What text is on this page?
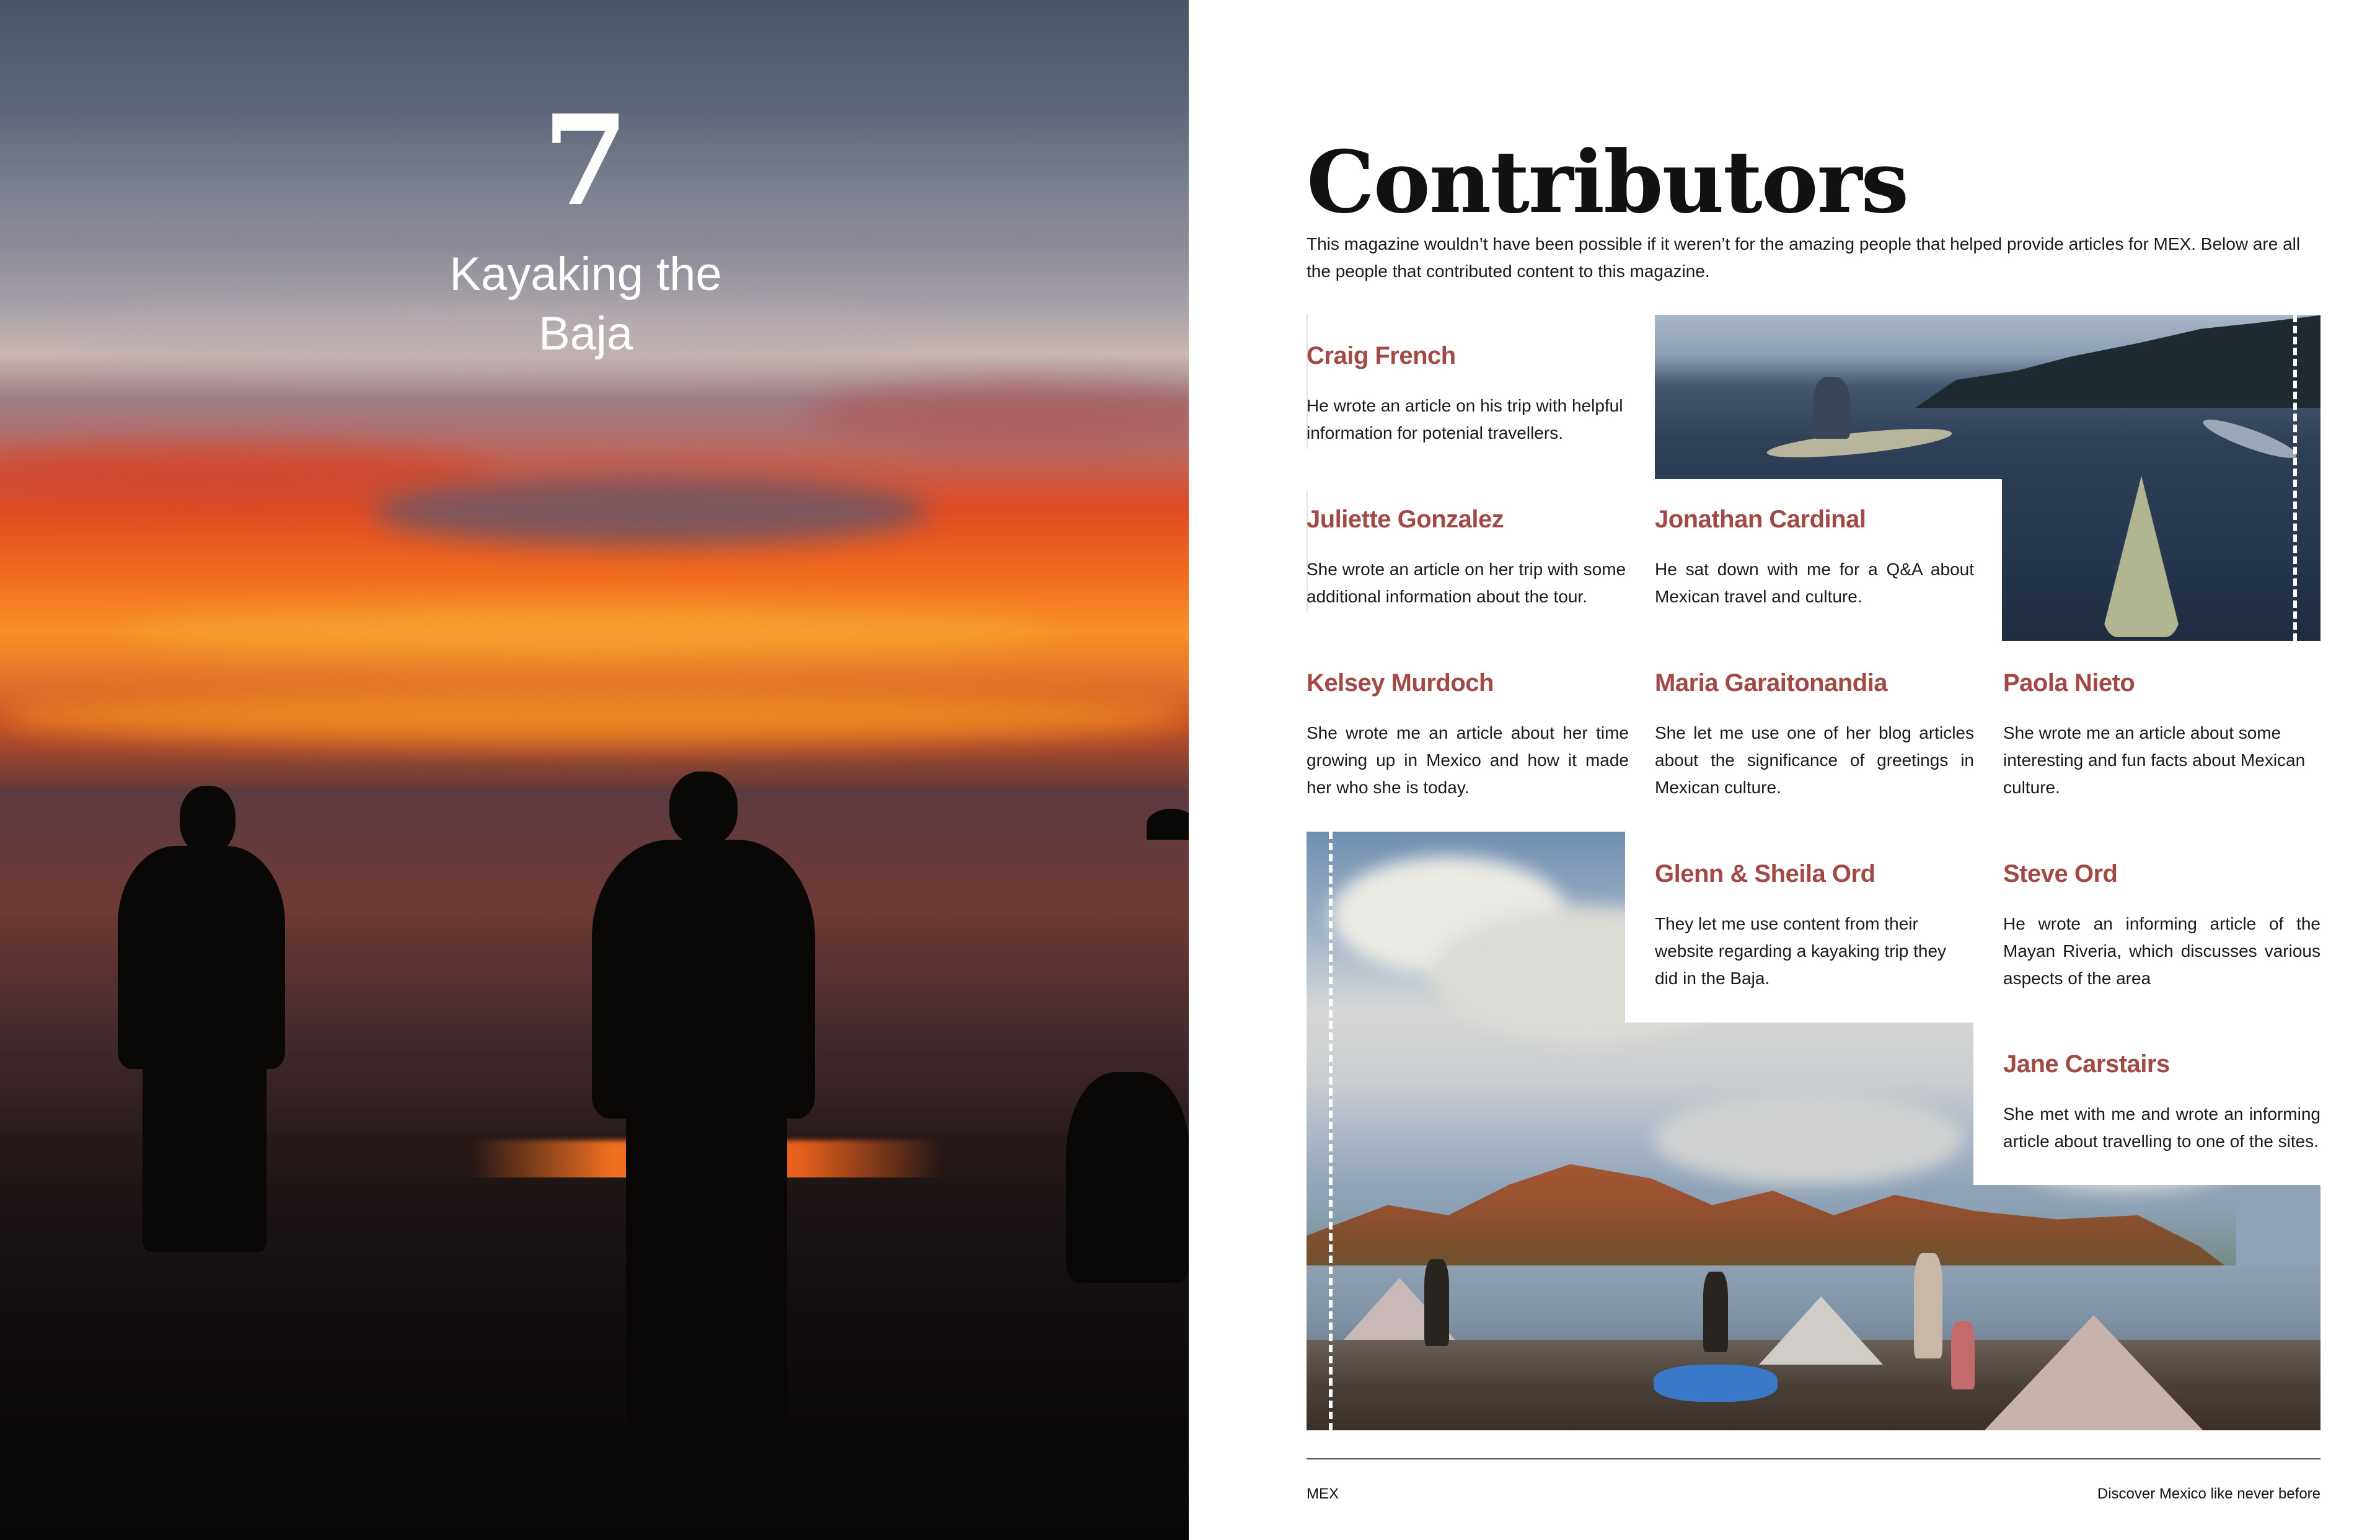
7
Kayaking the Baja
Contributors

This magazine wouldn’t have been possible if it weren’t for the amazing people that helped provide articles for MEX. Below are all the people that contributed content to this magazine.

Craig French
He wrote an article on his trip with helpful information for potenial travellers.
Juliette Gonzalez
She wrote an article on her trip with some additional information about the tour.
Jonathan Cardinal
He sat down with me for a Q&A about Mexican travel and culture.
Kelsey Murdoch
She wrote me an article about her time growing up in Mexico and how it made her who she is today.
Maria Garaitonandia
She let me use one of her blog articles about the significance of greetings in Mexican culture.
Paola Nieto
She wrote me an article about some interesting and fun facts about Mexican culture.
Glenn & Sheila Ord
They let me use content from their website regarding a kayaking trip they did in the Baja.
Steve Ord
He wrote an informing article of the Mayan Riveria, which discusses various aspects of the area
Jane Carstairs
She met with me and wrote an informing article about travelling to one of the sites.
MEX	Discover Mexico like never before
